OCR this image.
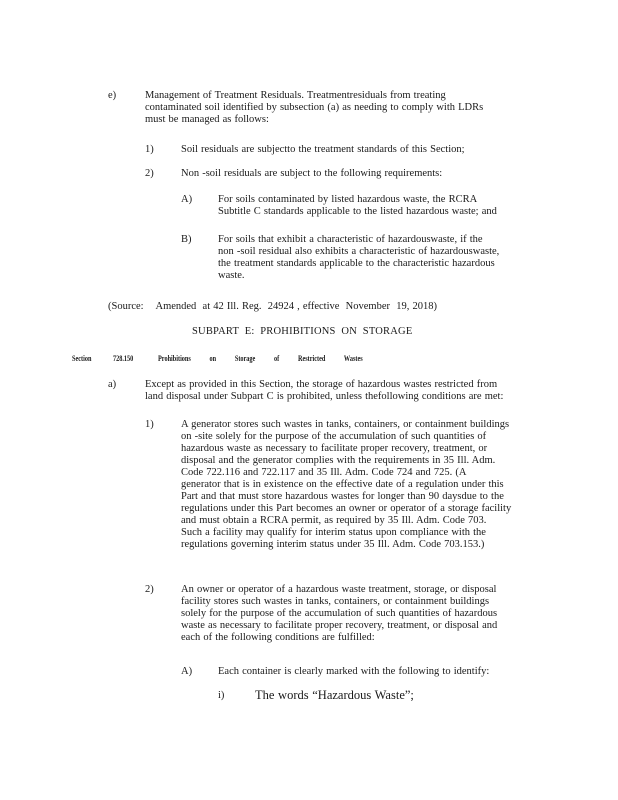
e)	Management of Treatment Residuals. Treatmentresiduals from treating
contaminated soil identified by subsection (a) as needing to comply with LDRs
must be managed as follows:
1)	Soil residuals are subjectto the treatment standards of this Section;
2)	Non -soil residuals are subject to the following requirements:
A) For soils contaminated by listed hazardous waste, the RCRA
Subtitle C standards applicable to the listed hazardous waste; and
B)	For soils that exhibit a characteristic of hazardouswaste, if the
non -soil residual also exhibits a characteristic of hazardouswaste,
the treatment standards applicable to the characteristic hazardous
waste.
(Source:    Amended  at 42 Ill. Reg.  24924 , effective  November  19, 2018)
SUBPART E: PROHIBITIONS ON STORAGE
Section	728.150	Prohibitions on Storage of Restricted Wastes
a)	Except as provided in this Section, the storage of hazardous wastes restricted from
land disposal under Subpart C is prohibited, unless thefollowing conditions are met:
1)	A generator stores such wastes in tanks, containers, or containment buildings
on -site solely for the purpose of the accumulation of such quantities of
hazardous waste as necessary to facilitate proper recovery, treatment, or
disposal and the generator complies with the requirements in 35 Ill. Adm.
Code 722.116 and 722.117 and 35 Ill. Adm. Code 724 and 725. (A
generator that is in existence on the effective date of a regulation under this
Part and that must store hazardous wastes for longer than 90 daysdue to the
regulations under this Part becomes an owner or operator of a storage facility
and must obtain a RCRA permit, as required by 35 Ill. Adm. Code 703.
Such a facility may qualify for interim status upon compliance with the
regulations governing interim status under 35 Ill. Adm. Code 703.153.)
2)	An owner or operator of a hazardous waste treatment, storage, or disposal
facility stores such wastes in tanks, containers, or containment buildings
solely for the purpose of the accumulation of such quantities of hazardous
waste as necessary to facilitate proper recovery, treatment, or disposal and
each of the following conditions are fulfilled:
A) Each container is clearly marked with the following to identify:
i) The words “Hazardous Waste”;
